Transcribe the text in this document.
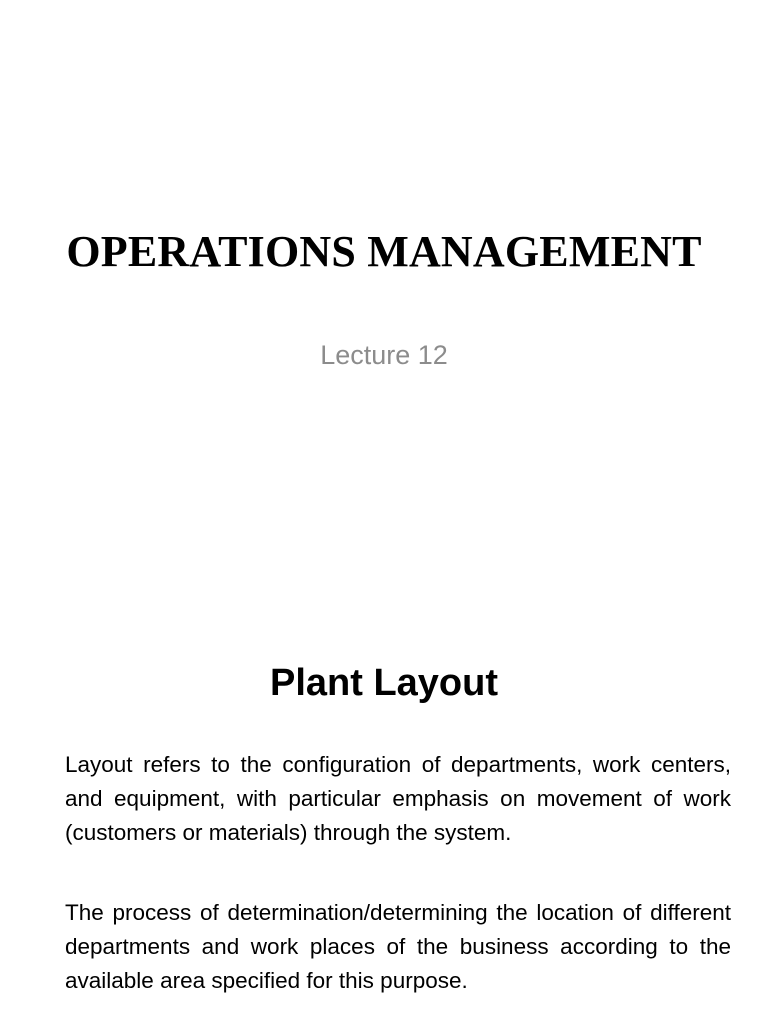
OPERATIONS MANAGEMENT
Lecture 12
Plant Layout

Layout refers to the configuration of departments, work centers, and equipment, with particular emphasis on movement of work (customers or materials) through the system.

The process of determination/determining the location of different departments and work places of the business according to the available area specified for this purpose.
